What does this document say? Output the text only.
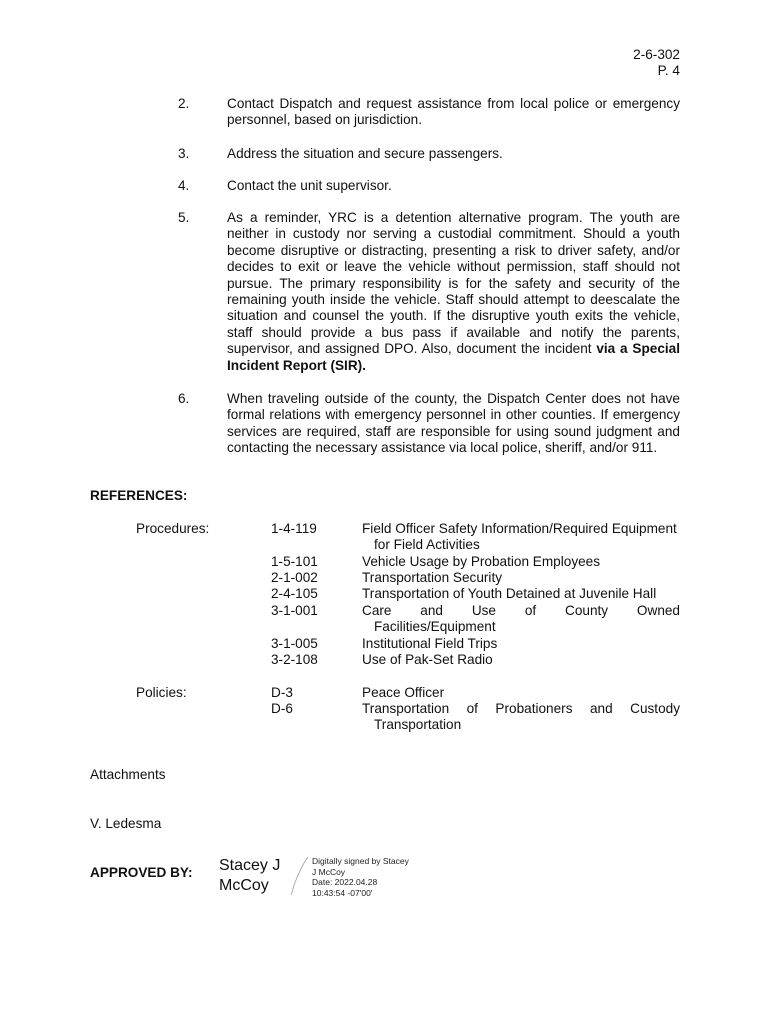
2-6-302
P. 4
2.	Contact Dispatch and request assistance from local police or emergency personnel, based on jurisdiction.
3.	Address the situation and secure passengers.
4.	Contact the unit supervisor.
5.	As a reminder, YRC is a detention alternative program. The youth are neither in custody nor serving a custodial commitment. Should a youth become disruptive or distracting, presenting a risk to driver safety, and/or decides to exit or leave the vehicle without permission, staff should not pursue. The primary responsibility is for the safety and security of the remaining youth inside the vehicle. Staff should attempt to deescalate the situation and counsel the youth. If the disruptive youth exits the vehicle, staff should provide a bus pass if available and notify the parents, supervisor, and assigned DPO. Also, document the incident via a Special Incident Report (SIR).

6.	When traveling outside of the county, the Dispatch Center does not have formal relations with emergency personnel in other counties. If emergency services are required, staff are responsible for using sound judgment and contacting the necessary assistance via local police, sheriff, and/or 911.
REFERENCES:
Procedures:	1-4-119	Field Officer Safety Information/Required Equipment
for Field Activities
1-5-101	Vehicle Usage by Probation Employees
2-1-002	Transportation Security
2-4-105	Transportation of Youth Detained at Juvenile Hall
3-1-001	Care and Use of County Owned
Facilities/Equipment
3-1-005	Institutional Field Trips
3-2-108	Use of Pak-Set Radio
Policies:	D-3	Peace Officer
D-6	Transportation of Probationers and Custody
Transportation
Attachments
V. Ledesma
APPROVED BY: Stacey J
McCoy
Digitally signed by Stacey
J McCoy
Date: 2022.04.28
10:43:54 -07'00'
